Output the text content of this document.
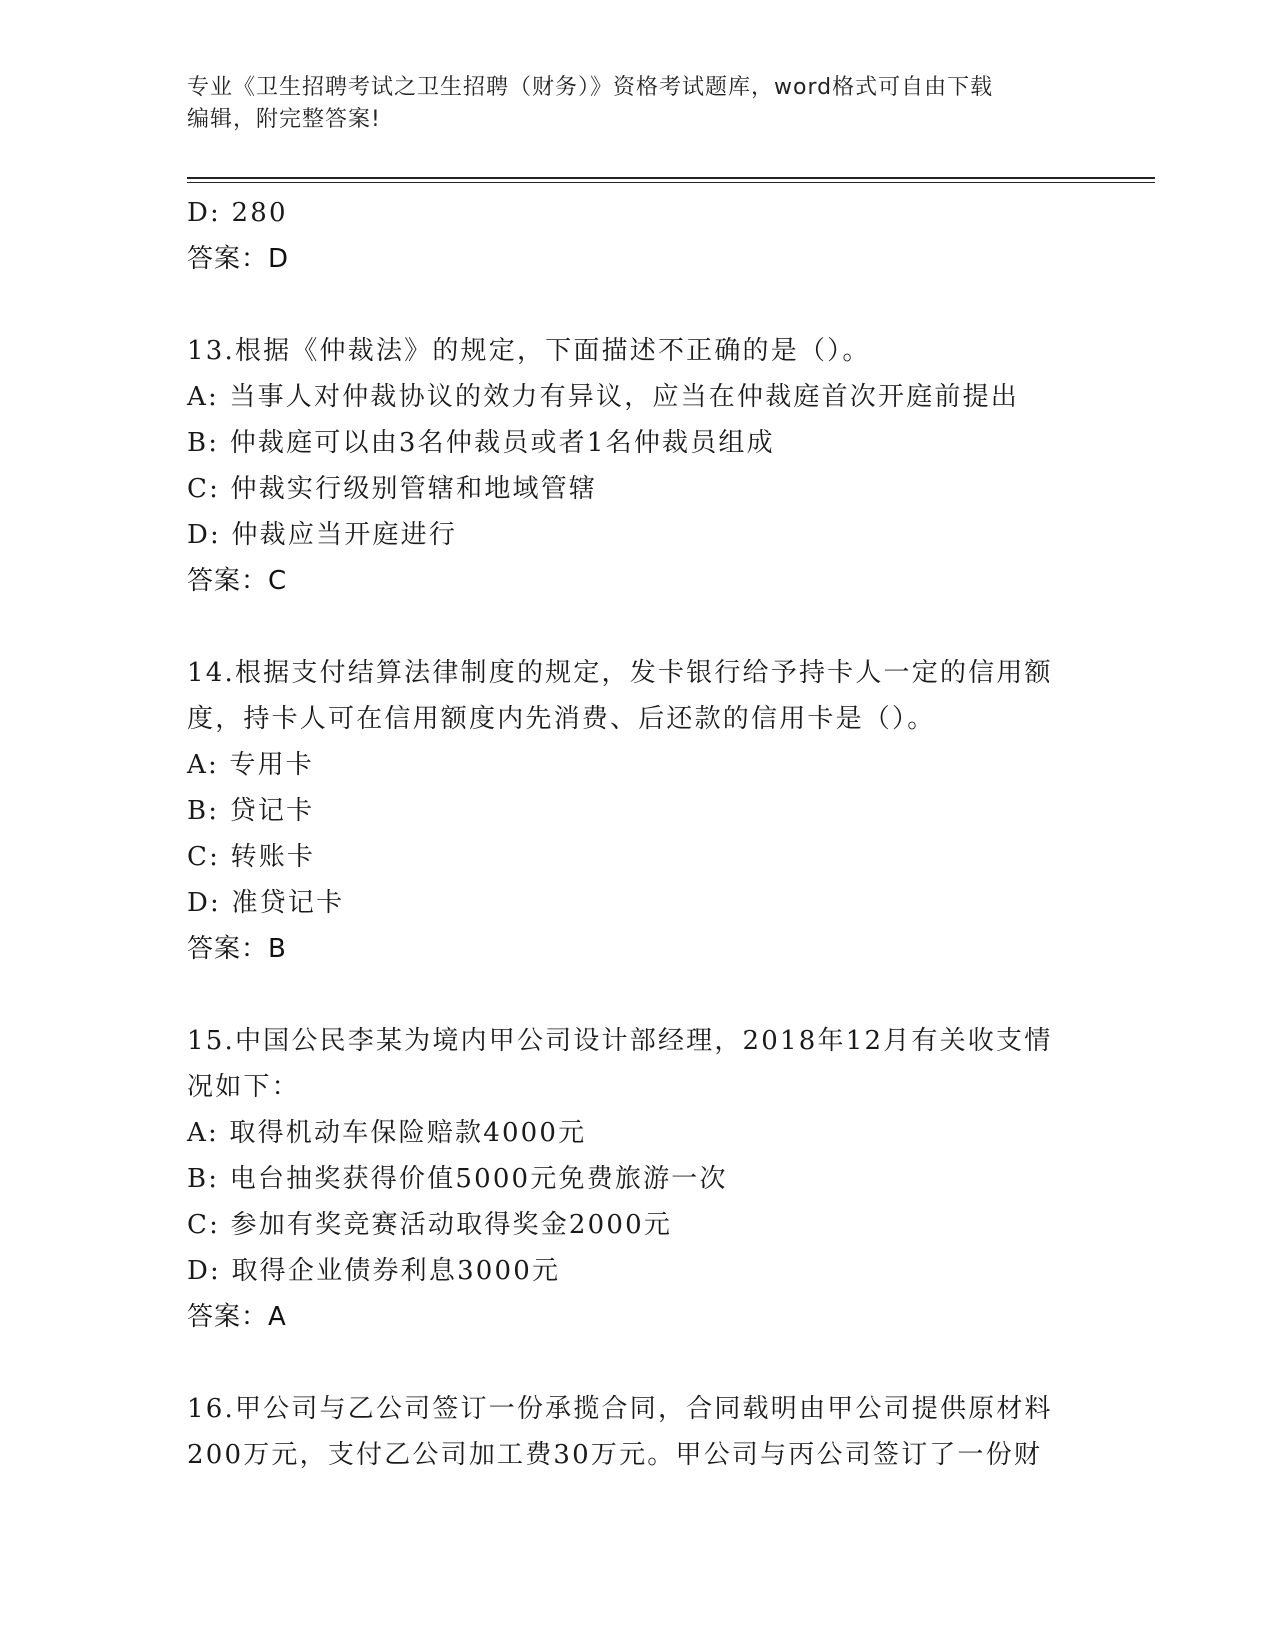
专业《卫生招聘考试之卫生招聘（财务）》资格考试题库，word格式可自由下载
编辑，附完整答案!
D: 280
答案：D
13.根据《仲裁法》的规定，下面描述不正确的是（）。
A: 当事人对仲裁协议的效力有异议，应当在仲裁庭首次开庭前提出
B: 仲裁庭可以由3名仲裁员或者1名仲裁员组成
C: 仲裁实行级别管辖和地域管辖
D: 仲裁应当开庭进行
答案：C
14.根据支付结算法律制度的规定，发卡银行给予持卡人一定的信用额
度，持卡人可在信用额度内先消费、后还款的信用卡是（）。
A: 专用卡
B: 贷记卡
C: 转账卡
D: 准贷记卡
答案：B
15.中国公民李某为境内甲公司设计部经理，2018年12月有关收支情
况如下：
A: 取得机动车保险赔款4000元
B: 电台抽奖获得价值5000元免费旅游一次
C: 参加有奖竞赛活动取得奖金2000元
D: 取得企业债券利息3000元
答案：A
16.甲公司与乙公司签订一份承揽合同，合同载明由甲公司提供原材料
200万元，支付乙公司加工费30万元。甲公司与丙公司签订了一份财
